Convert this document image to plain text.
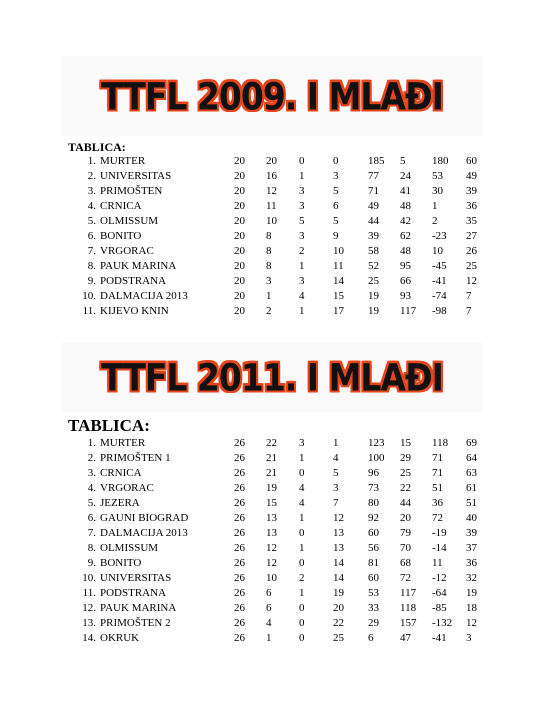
TTFL 2009. I MLAĐI
TABLICA:
1. MURTER	20 20 0	0	185 5 180 60
2. UNIVERSITAS	20 16 1	3	77 24 53 49
3. PRIMOŠTEN	20 12 3	5	71 41 30 39
4. CRNICA	20 11 3	6	49 48 1	36
5. OLMISSUM	20 10 5	5	44 42 2	35
6. BONITO	20 8	3	9	39 62 -23 27
7. VRGORAC	20 8	2	10 58 48 10 26
8. PAUK MARINA	20 8	1	11 52 95 -45 25
9. PODSTRANA	20 3	3	14 25 66 -41 12
10. DALMACIJA 2013	20 1	4	15 19 93 -74 7
11. KIJEVO KNIN	20 2	1	17 19 117 -98 7
TTFL 2011. I MLAĐI
TABLICA:
1. MURTER	26 22 3	1	123 15 118 69
2. PRIMOŠTEN 1	26 21 1	4	100 29 71 64
3. CRNICA	26 21 0	5	96 25 71 63
4. VRGORAC	26 19 4	3	73 22 51 61
5. JEZERA	26 15 4	7	80 44 36 51
6. GAUNI BIOGRAD	26 13 1	12 92 20 72 40
7. DALMACIJA 2013	26 13 0	13 60 79 -19 39
8. OLMISSUM	26 12 1	13 56 70 -14 37
9. BONITO	26 12 0	14 81 68 11 36
10. UNIVERSITAS	26 10 2	14 60 72 -12 32
11. PODSTRANA	26 6	1	19 53 117 -64 19
12. PAUK MARINA	26 6	0	20 33 118 -85 18
13. PRIMOŠTEN 2	26 4	0	22 29 157 -132 12
14. OKRUK	26 1	0	25 6 47 -41 3
